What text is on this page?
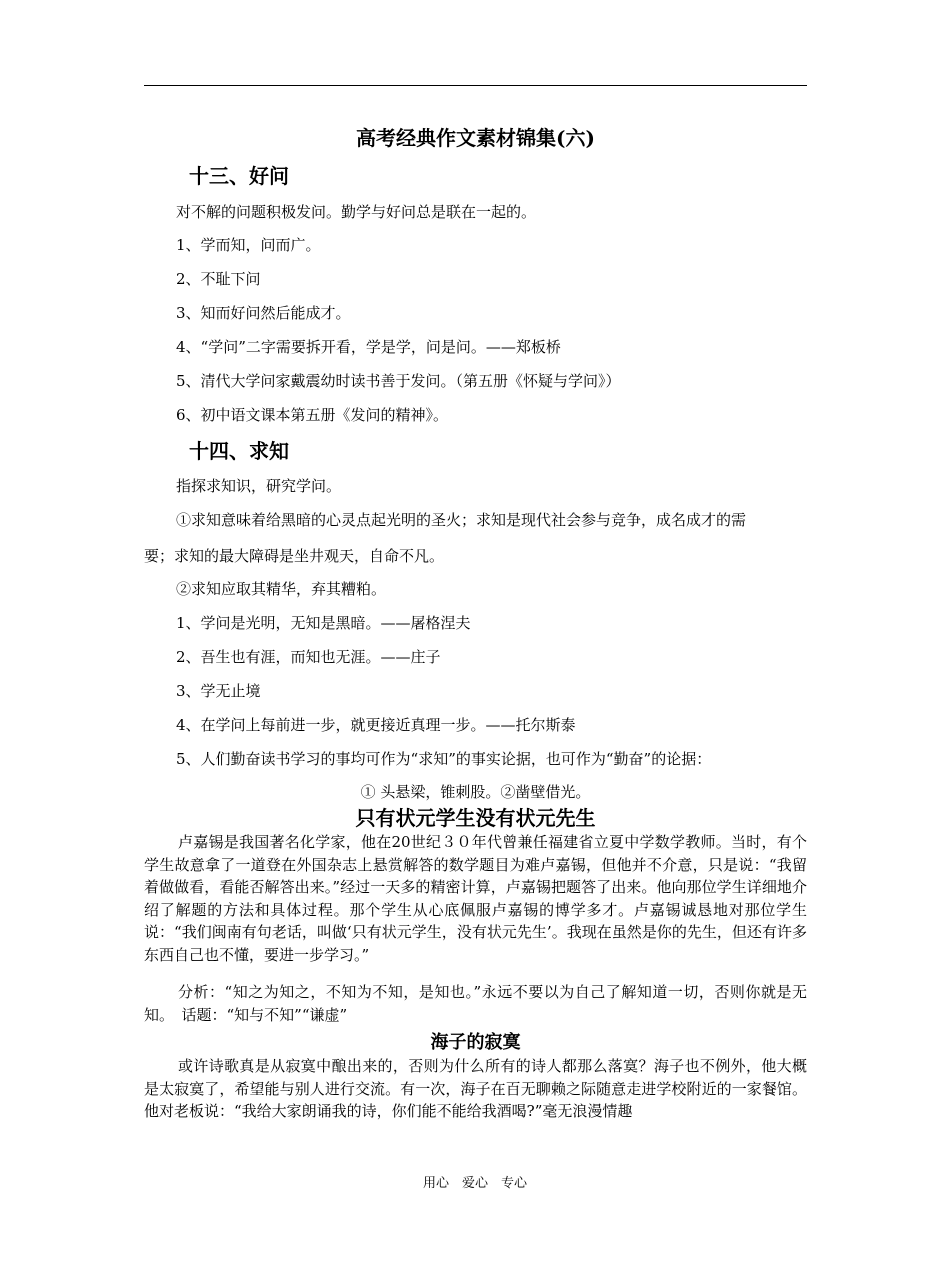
高考经典作文素材锦集(六)
十三、好问
对不解的问题积极发问。勤学与好问总是联在一起的。
1、学而知，问而广。
2、不耻下问
3、知而好问然后能成才。
4、“学问”二字需要拆开看，学是学，问是问。——郑板桥
5、清代大学问家戴震幼时读书善于发问。（第五册《怀疑与学问》）
6、初中语文课本第五册《发问的精神》。
十四、求知
指探求知识，研究学问。
①求知意味着给黑暗的心灵点起光明的圣火；求知是现代社会参与竞争，成名成才的需
要；求知的最大障碍是坐井观天，自命不凡。
②求知应取其精华，弃其糟粕。
1、学问是光明，无知是黑暗。——屠格涅夫
2、吾生也有涯，而知也无涯。——庄子
3、学无止境
4、在学问上每前进一步，就更接近真理一步。——托尔斯泰
5、人们勤奋读书学习的事均可作为“求知”的事实论据，也可作为“勤奋”的论据：
① 头悬梁，锥刺股。②凿壁借光。
只有状元学生没有状元先生
卢嘉锡是我国著名化学家，他在20世纪３０年代曾兼任福建省立夏中学数学教师。当时，有个学生故意拿了一道登在外国杂志上悬赏解答的数学题目为难卢嘉锡，但他并不介意，只是说：“我留着做做看，看能否解答出来。”经过一天多的精密计算，卢嘉锡把题答了出来。他向那位学生详细地介绍了解题的方法和具体过程。那个学生从心底佩服卢嘉锡的博学多才。卢嘉锡诚恳地对那位学生说：“我们闽南有句老话，叫做‘只有状元学生，没有状元先生’。我现在虽然是你的先生，但还有许多东西自己也不懂，要进一步学习。”
分析：“知之为知之，不知为不知，是知也。”永远不要以为自己了解知道一切，否则你就是无知。　话题：“知与不知”“谦虚”
海子的寂寞
或许诗歌真是从寂寞中酿出来的，否则为什么所有的诗人都那么落寞？海子也不例外，他大概是太寂寞了，希望能与别人进行交流。有一次，海子在百无聊赖之际随意走进学校附近的一家餐馆。他对老板说：“我给大家朗诵我的诗，你们能不能给我酒喝?”毫无浪漫情趣
用心　爱心　专心
